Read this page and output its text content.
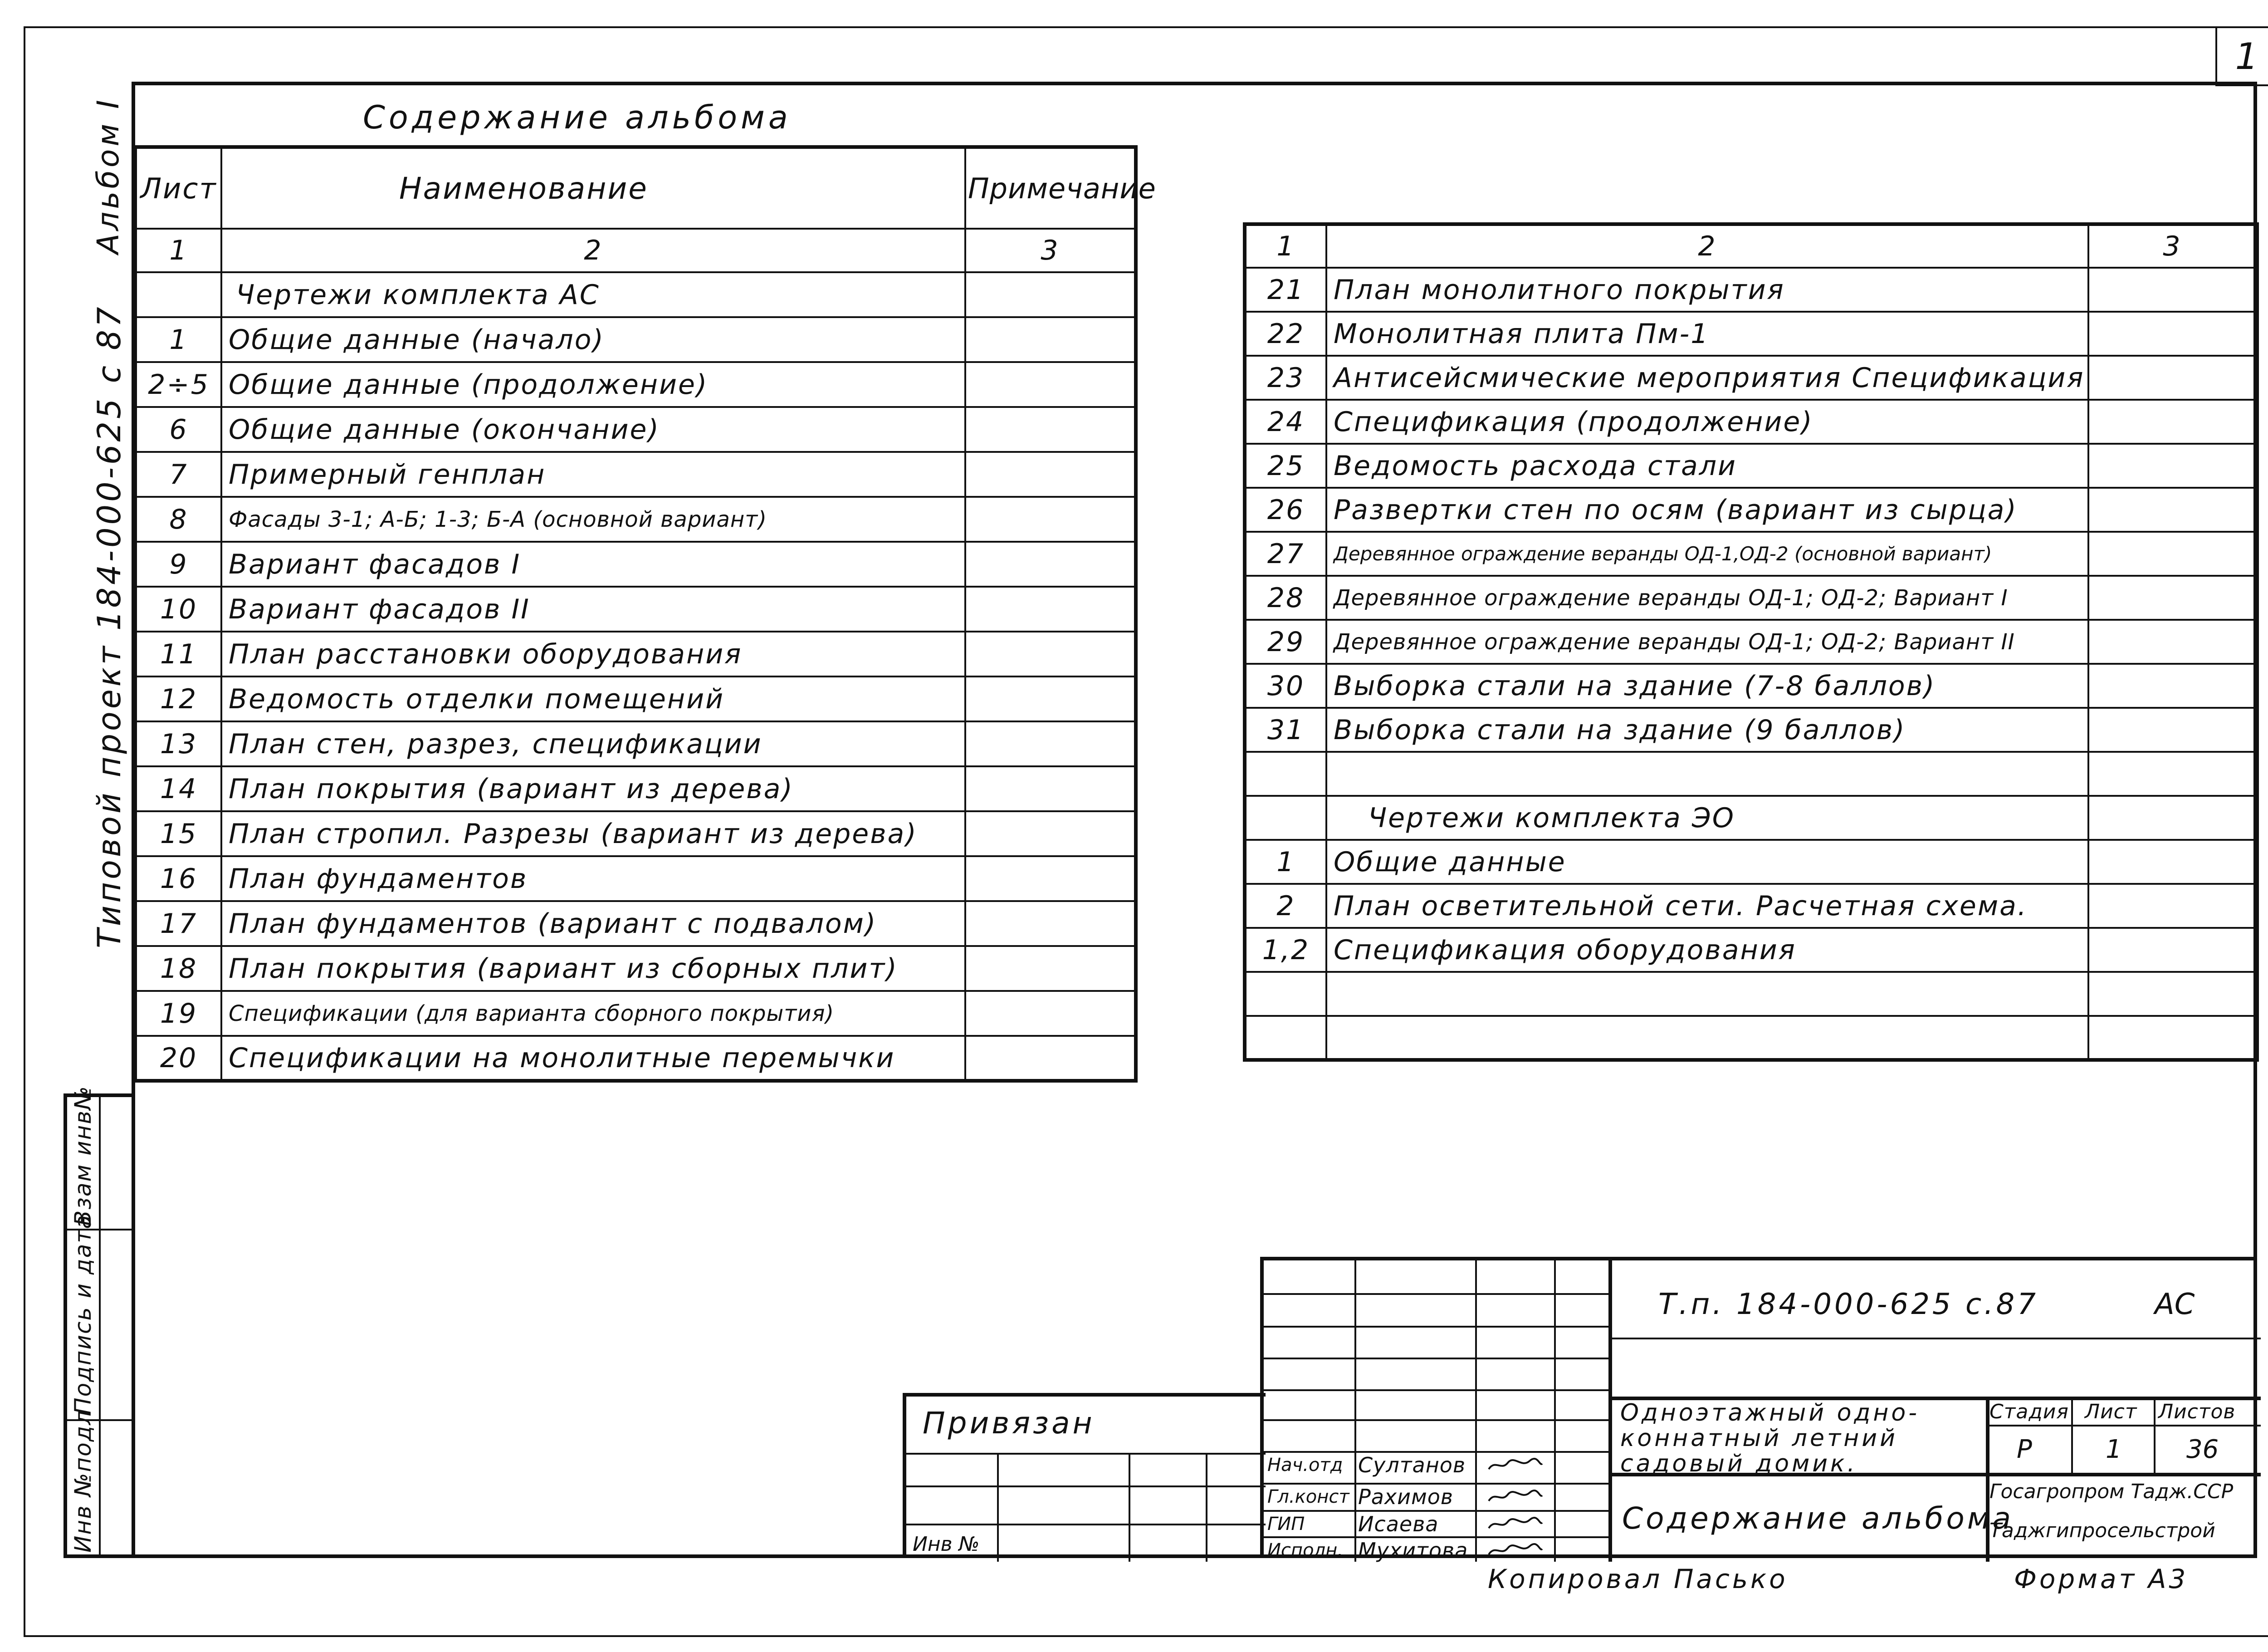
1
Альбом I
Типовой проект 184-000-625 с 87
Содержание альбома
Лист	Наименование	Примечание
1	2	3
	Чертежи комплекта АС	
1	Общие данные (начало)	
2÷5	Общие данные (продолжение)	
6	Общие данные (окончание)	
7	Примерный генплан	
8	Фасады 3-1; А-Б; 1-3; Б-А (основной вариант)	
9	Вариант фасадов I	
10	Вариант фасадов II	
11	План расстановки оборудования	
12	Ведомость отделки помещений	
13	План стен, разрез, спецификации	
14	План покрытия (вариант из дерева)	
15	План стропил. Разрезы (вариант из дерева)	
16	План фундаментов	
17	План фундаментов (вариант с подвалом)	
18	План покрытия (вариант из сборных плит)	
19	Спецификации (для варианта сборного покрытия)	
20	Спецификации на монолитные перемычки	
1	2	3
21	План монолитного покрытия	
22	Монолитная плита Пм-1	
23	Антисейсмические мероприятия Спецификация	
24	Спецификация (продолжение)	
25	Ведомость расхода стали	
26	Развертки стен по осям (вариант из сырца)	
27	Деревянное ограждение веранды ОД-1,ОД-2 (основной вариант)	
28	Деревянное ограждение веранды ОД-1; ОД-2; Вариант I	
29	Деревянное ограждение веранды ОД-1; ОД-2; Вариант II	
30	Выборка стали на здание (7-8 баллов)	
31	Выборка стали на здание (9 баллов)	

	Чертежи комплекта ЭО	
1	Общие данные	
2	План осветительной сети. Расчетная схема.	
1,2	Спецификация оборудования	

Взам инв№
Подпись и дата
Инв №подл	Привязан
Инв №
Нач.отд Султанов
Гл.конст Рахимов
ГИП	Исаева
Исполн. Мухитова
Т.п. 184-000-625 с.87	АС
Одноэтажный одно-коннатный летний садовый домик.
Стадия Лист Листов
Р	1	36
Госагропром Тадж.ССР
Таджгипросельстрой
Содержание альбома
Копировал Пасько	Формат А3
